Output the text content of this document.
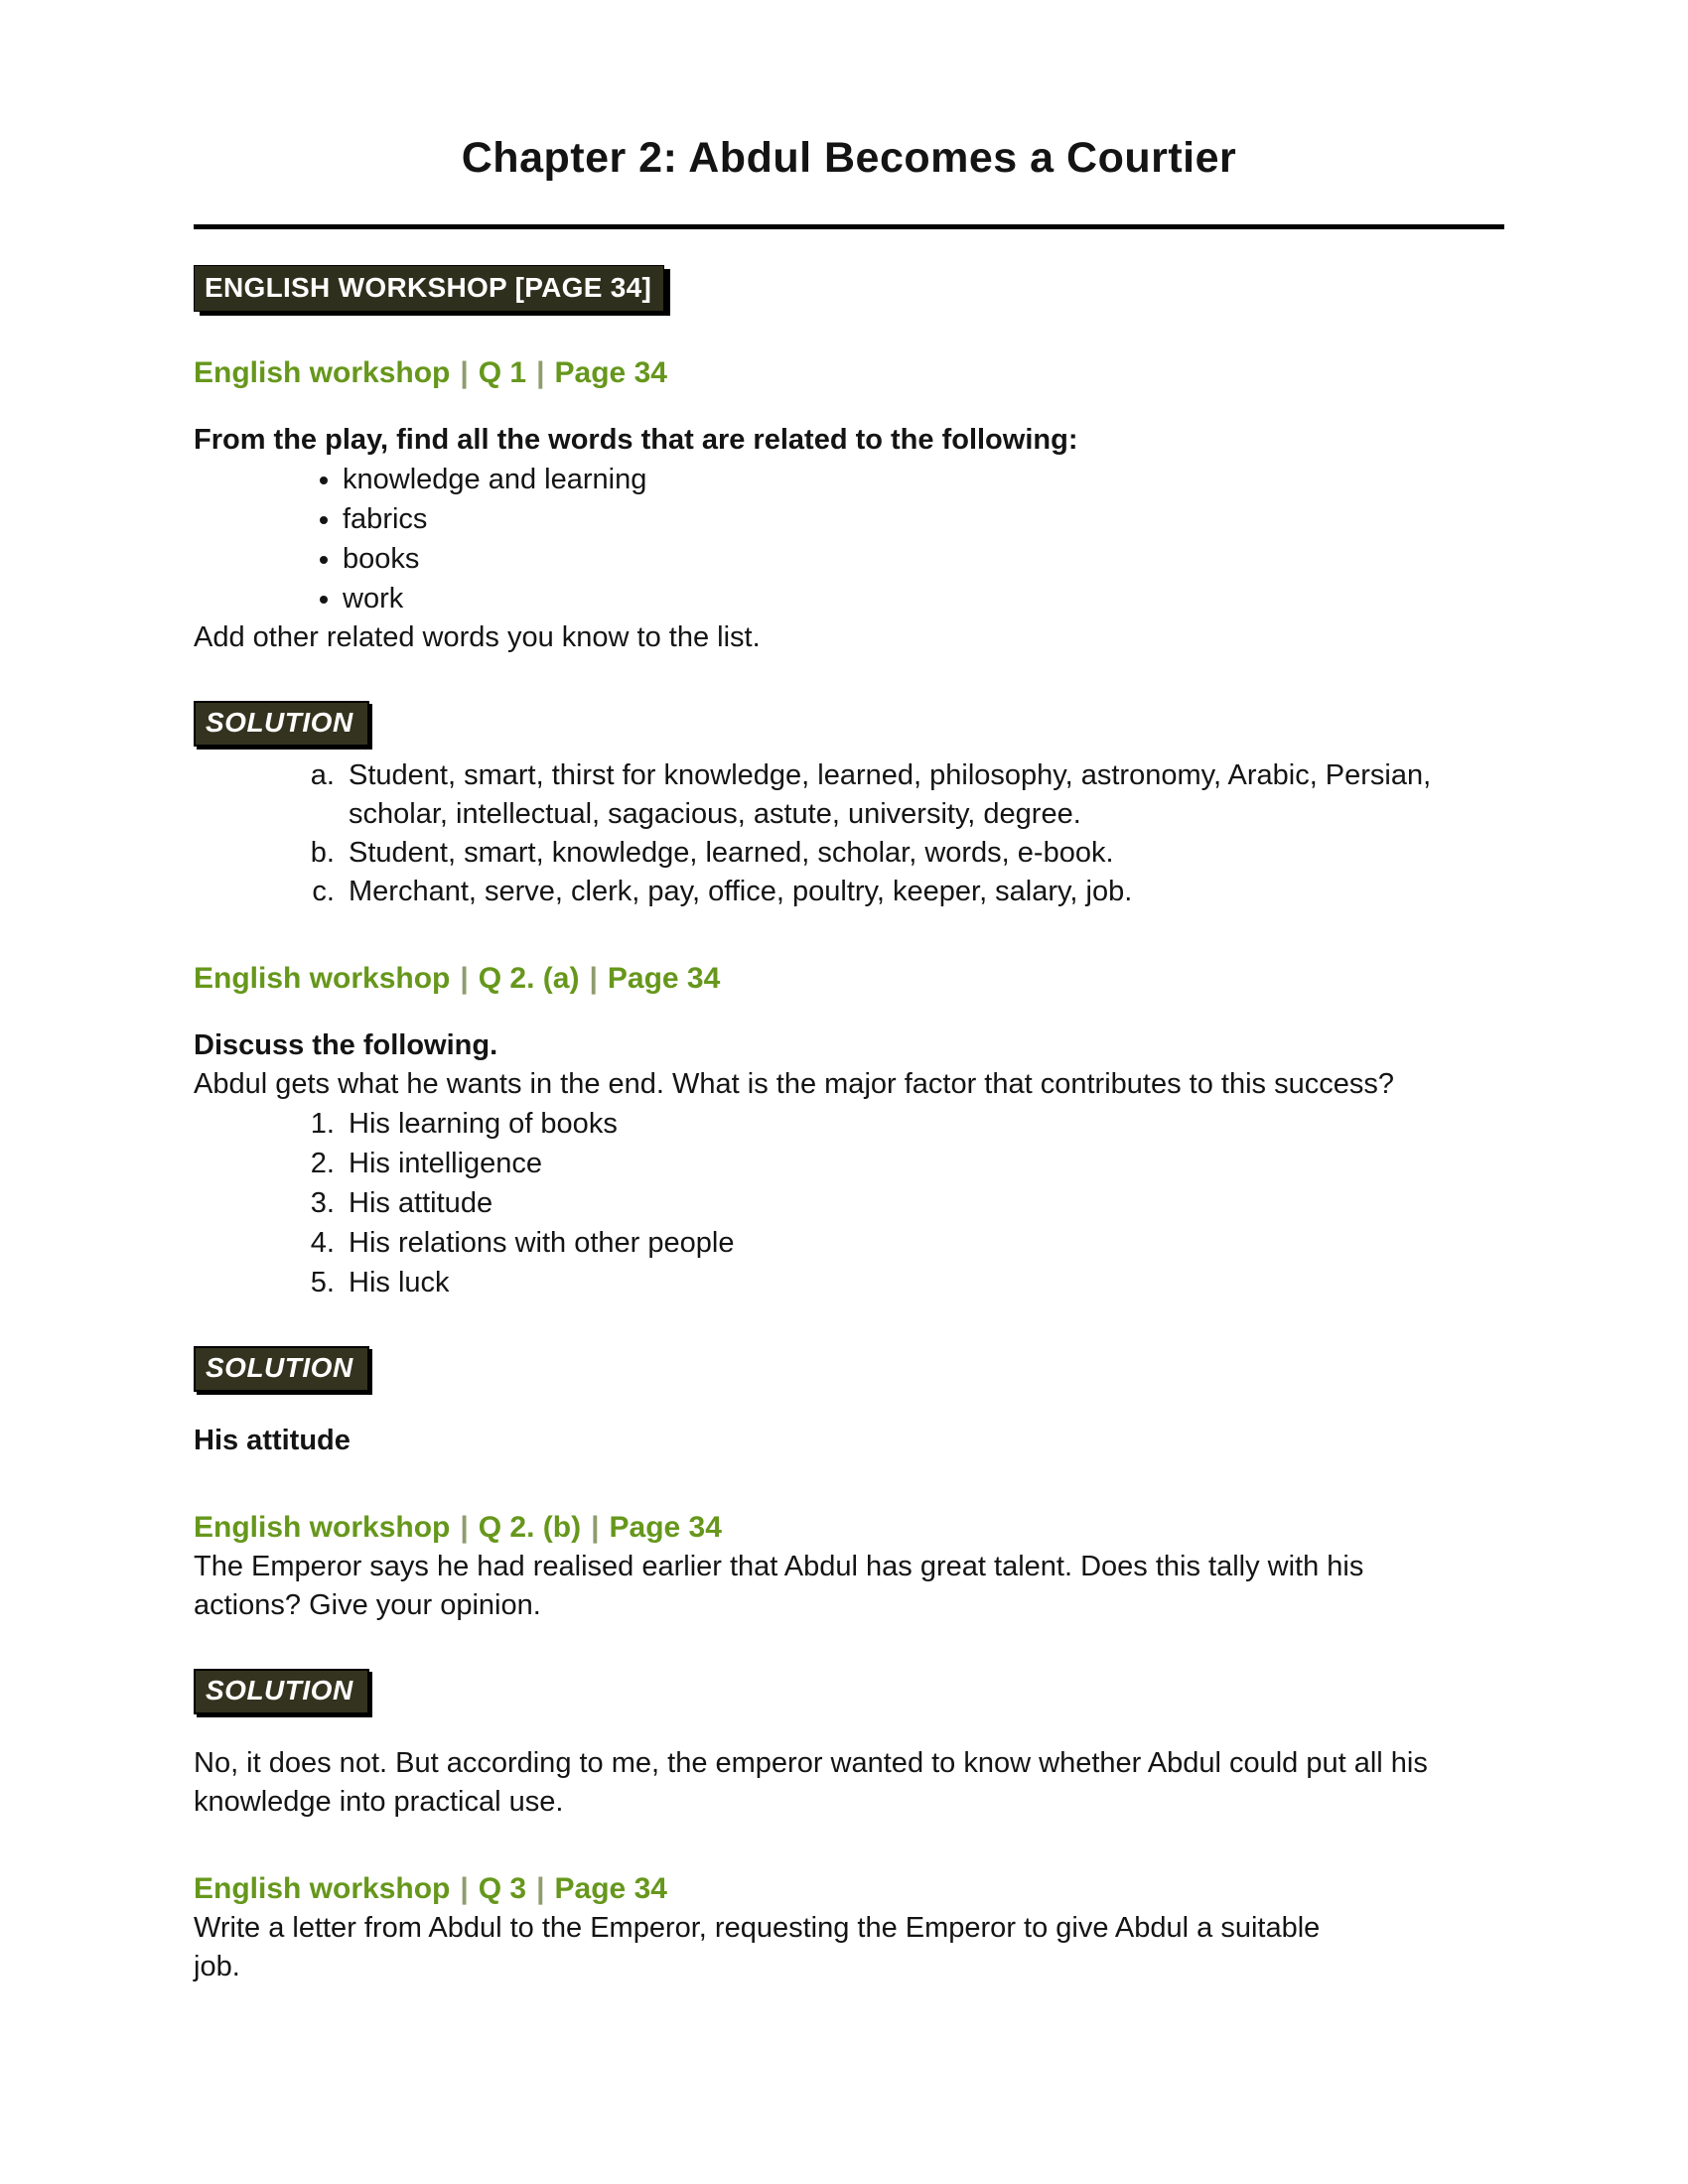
Chapter 2: Abdul Becomes a Courtier
ENGLISH WORKSHOP [PAGE 34]
English workshop | Q 1 | Page 34

From the play, find all the words that are related to the following:

• knowledge and learning
• fabrics
• books
• work

Add other related words you know to the list.

SOLUTION
a. Student, smart, thirst for knowledge, learned, philosophy, astronomy, Arabic, Persian, scholar, intellectual, sagacious, astute, university, degree.
b. Student, smart, knowledge, learned, scholar, words, e-book.
c. Merchant, serve, clerk, pay, office, poultry, keeper, salary, job.
English workshop | Q 2. (a) | Page 34

Discuss the following.

Abdul gets what he wants in the end. What is the major factor that contributes to this success?

1. His learning of books
2. His intelligence
3. His attitude
4. His relations with other people
5. His luck
SOLUTION

His attitude

English workshop | Q 2. (b) | Page 34

The Emperor says he had realised earlier that Abdul has great talent. Does this tally with his actions? Give your opinion.

SOLUTION

No, it does not. But according to me, the emperor wanted to know whether Abdul could put all his knowledge into practical use.

English workshop | Q 3 | Page 34

Write a letter from Abdul to the Emperor, requesting the Emperor to give Abdul a suitable job.
